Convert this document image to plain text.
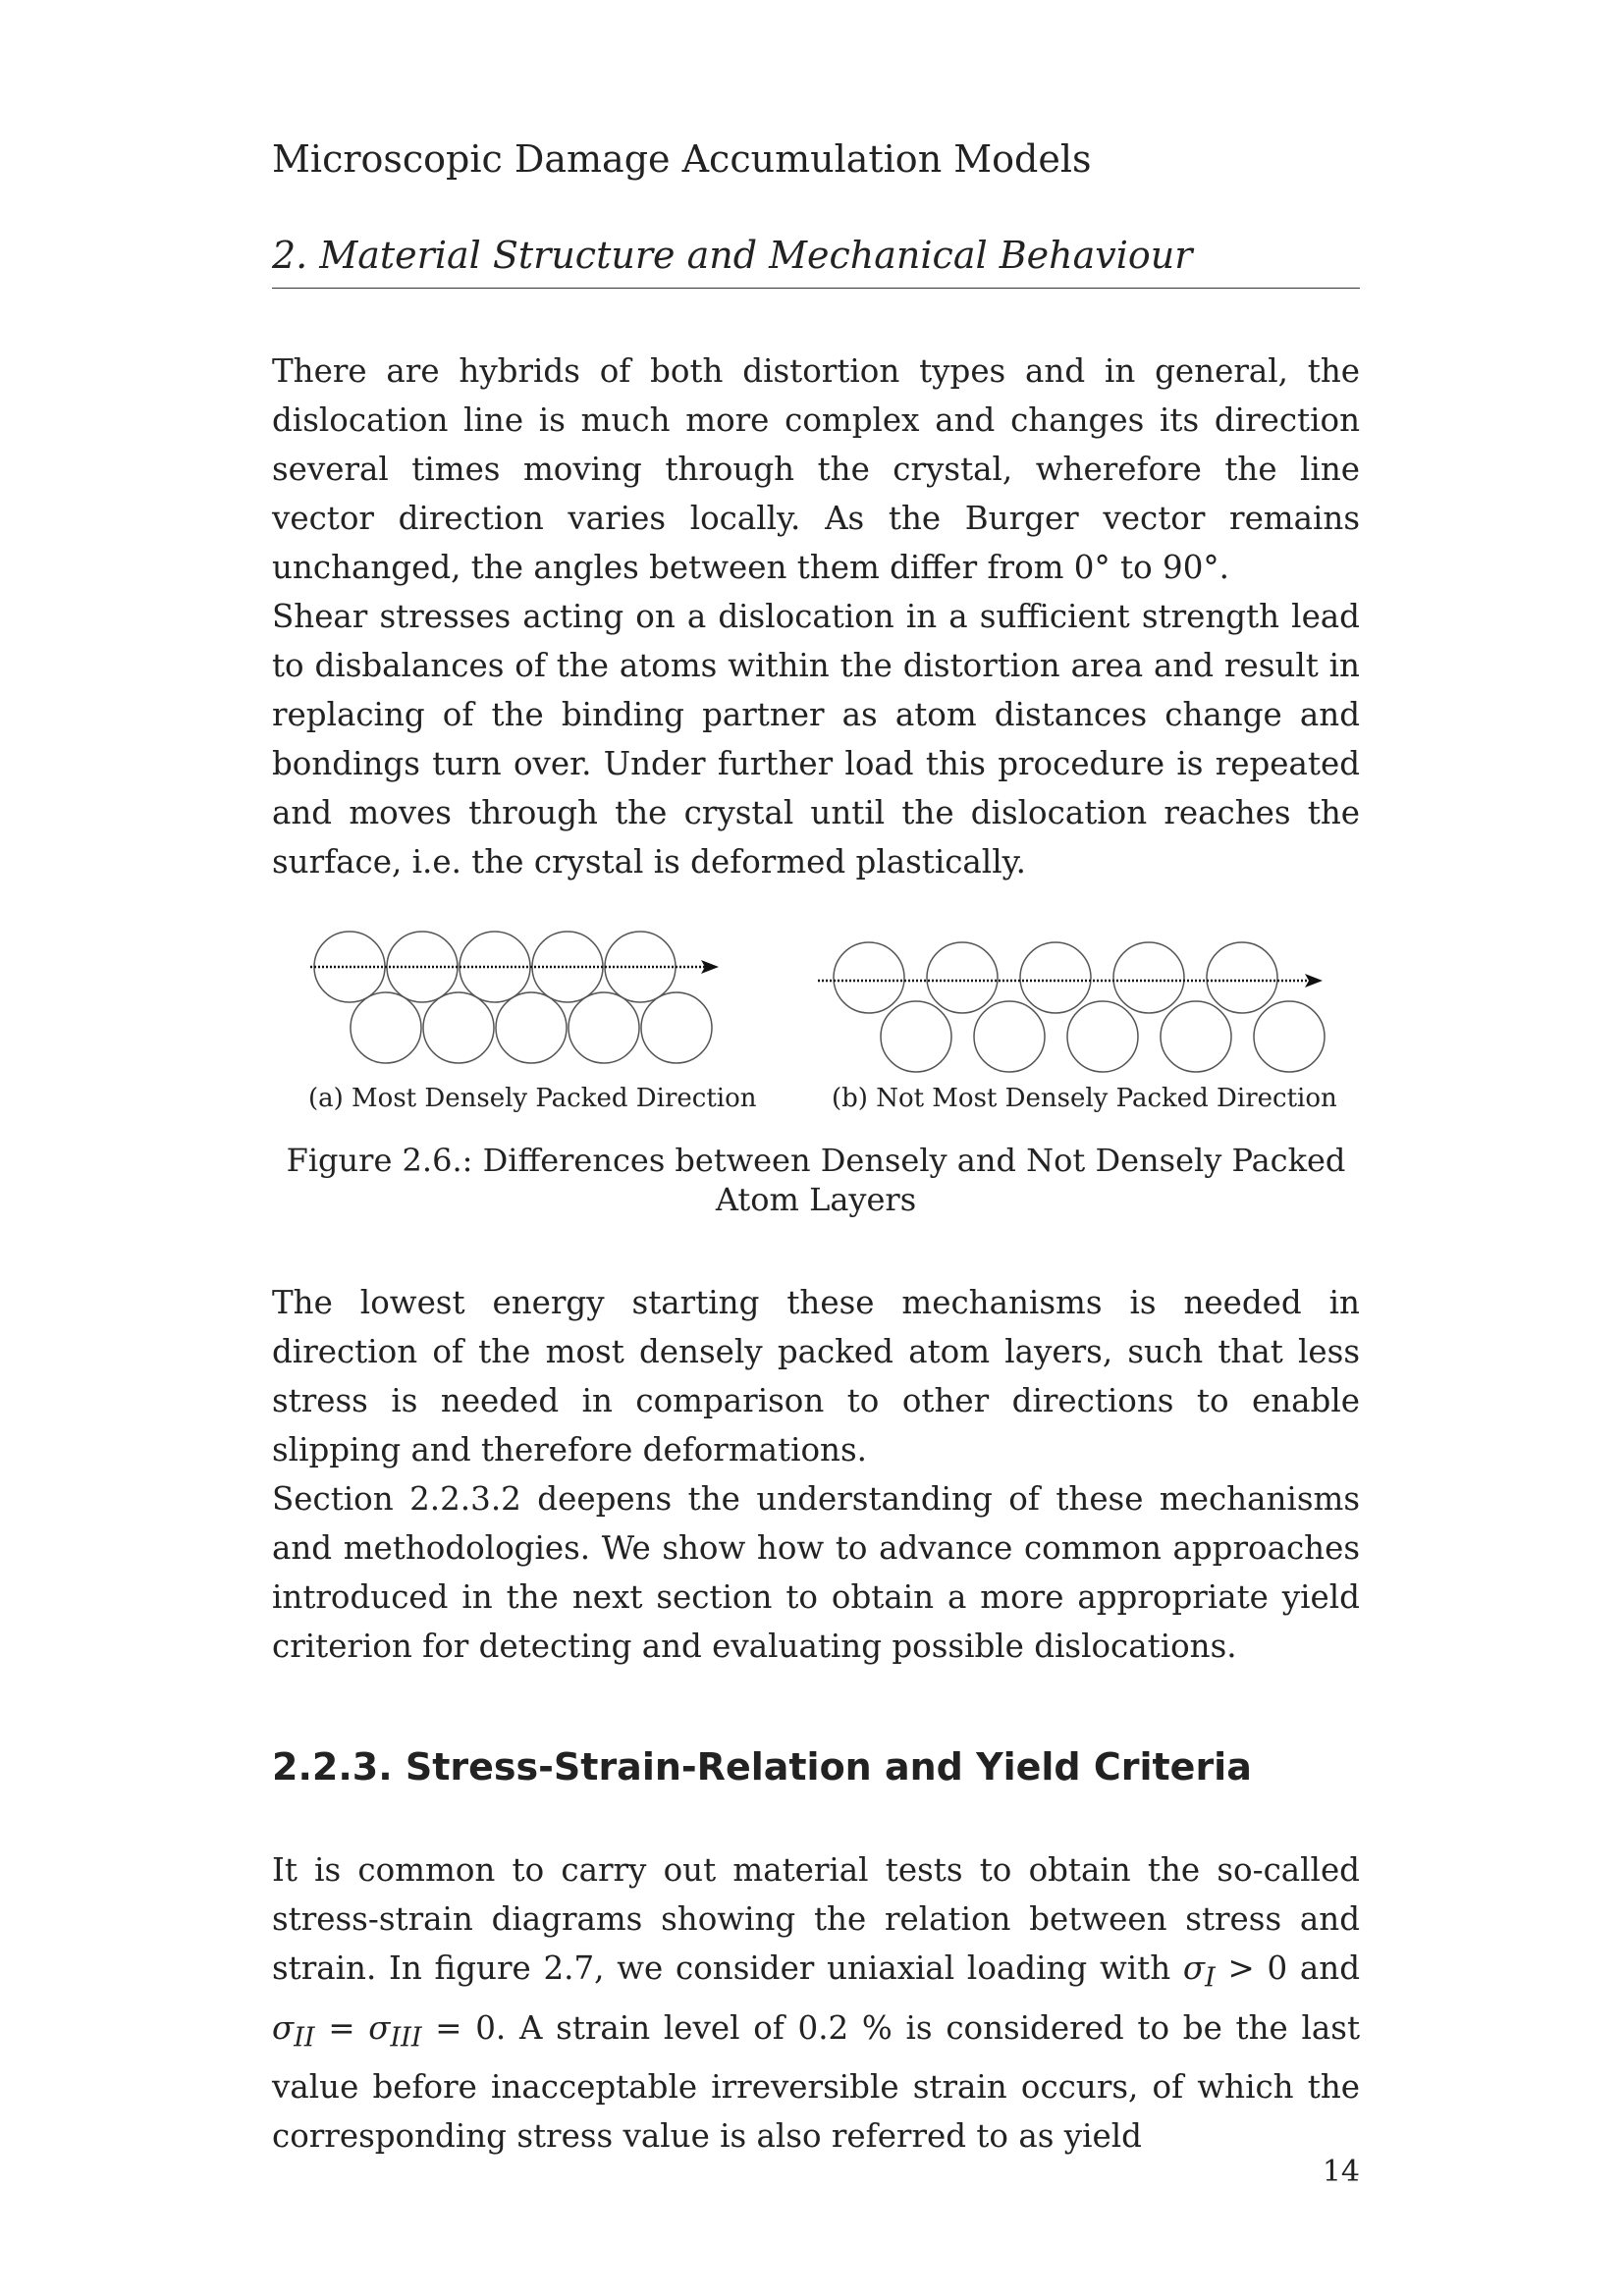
Microscopic Damage Accumulation Models
2. Material Structure and Mechanical Behaviour

There are hybrids of both distortion types and in general, the dislocation line is much more complex and changes its direction several times moving through the crystal, wherefore the line vector direction varies locally. As the Burger vector remains unchanged, the angles between them differ from 0° to 90°.

Shear stresses acting on a dislocation in a sufficient strength lead to disbalances of the atoms within the distortion area and result in replacing of the binding partner as atom distances change and bondings turn over. Under further load this procedure is repeated and moves through the crystal until the dislocation reaches the surface, i.e. the crystal is deformed plastically.

(a) Most Densely Packed Direction	(b) Not Most Densely Packed Direction
Figure 2.6.: Differences between Densely and Not Densely Packed Atom Layers

The lowest energy starting these mechanisms is needed in direction of the most densely packed atom layers, such that less stress is needed in comparison to other directions to enable slipping and therefore deformations.

Section 2.2.3.2 deepens the understanding of these mechanisms and methodologies. We show how to advance common approaches introduced in the next section to obtain a more appropriate yield criterion for detecting and evaluating possible dislocations.

2.2.3. Stress-Strain-Relation and Yield Criteria

It is common to carry out material tests to obtain the so-called stress-strain diagrams showing the relation between stress and strain. In figure 2.7, we consider uniaxial loading with $\sigma_I > 0$ and $\sigma_{II} = \sigma_{III} = 0$. A strain level of 0.2 % is considered to be the last value before inacceptable irreversible strain occurs, of which the corresponding stress value is also referred to as yield

14
